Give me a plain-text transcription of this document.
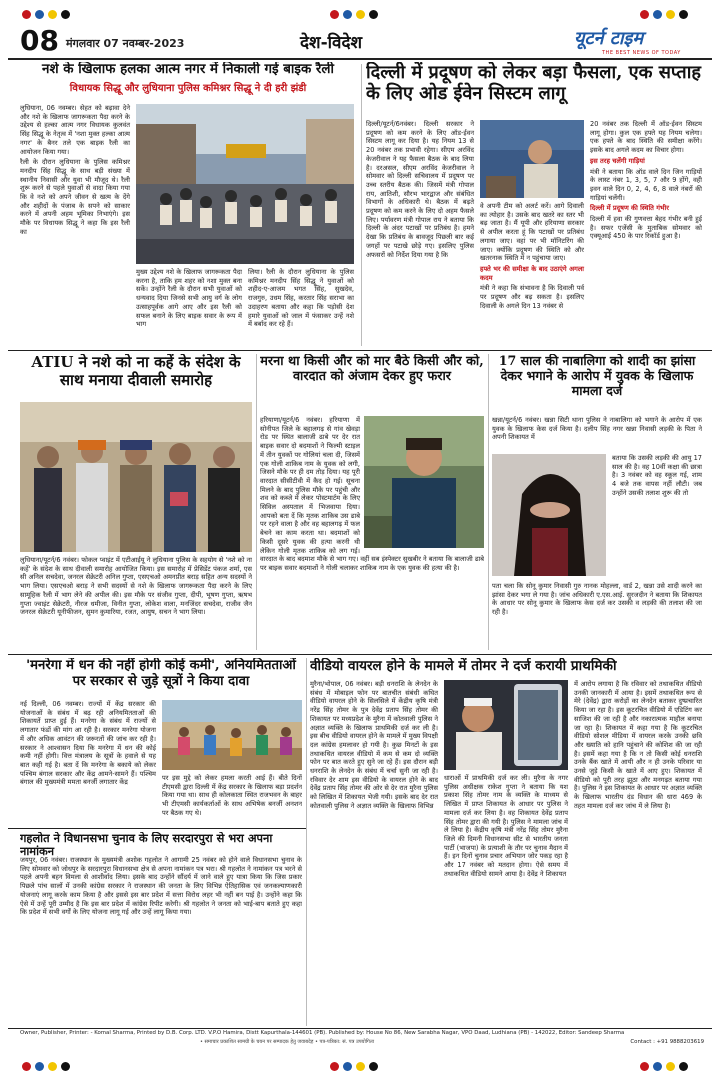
08 मंगलवार 07 नवम्बर-2023	देश-विदेश	यूटर्न टाइम
THE BEST NEWS OF TODAY
नशे के खिलाफ हलका आत्म नगर में निकाली गई बाइक रैली
विधायक सिद्धू और लुधियाना पुलिस कमिश्नर सिद्धू ने दी हरी झंडी

लुधियाना, 06 नवम्बर। सेहत को बढ़ावा देने और नशे के खिलाफ जागरूकता पैदा करने के उद्देश्य से हल्का आत्म नगर विधायक कुलवंत सिंह सिद्धू के नेतृत्व में 'नशा मुक्त हल्का आत्म नगर' के बैनर तले एक बाइक रैली का आयोजन किया गया।

रैली के दौरान लुधियाना के पुलिस कमिश्नर मनदीप सिंह सिद्धू के साथ बड़ी संख्या में स्थानीय निवासी और युवा भी मौजूद थे। रैली शुरू करने से पहले युवाओं से वादा किया गया कि वे नशे को अपने जीवन से खत्म के देंगे और शहीदों के पंजाब के सपने को साकार करने में अपनी अहम भूमिका निभाएंगे। इस मौके पर विधायक सिद्धू ने कहा कि इस रैली का

मुख्य उद्देश्य नशे के खिलाफ जागरूकता पैदा करना है, ताकि हम शहर को नशा मुक्त बना सकें। उन्होंने रैली के दौरान सभी युवाओं को धन्यवाद दिया जिनसे सभी आयु वर्ग के लोग उत्साहपूर्वक आगे आए और इस रैली को सफल बनाने के लिए बाइक सवार के रूप में भाग
लिया। रैली के दौरान लुधियाना के पुलिस कमिश्नर मनदीप सिंह सिद्धू ने युवाओं को शहीद-ए-आजम भगत सिंह, सुखदेव, राजगुरु, उधम सिंह, करतार सिंह सराभा का उदाहरण बताया और कहा कि पड़ोसी देश हमारे युवाओं को जाल में फंसाकर उन्हें नशे में बर्बाद कर रहे हैं।
दिल्ली में प्रदूषण को लेकर बड़ा फैसला, एक सप्ताह के लिए ओड ईवेन सिस्टम लागू
दिल्ली/यूटर्न/6नवंबर। दिल्ली सरकार ने प्रदूषण को कम करने के लिए ऑड-ईवन सिस्टम लागू कर दिया है। यह नियम 13 से 20 नवंबर तक प्रभावी रहेगा। सीएम अरविंद केजरीवाल ने यह फैसला बैठक के बाद लिया है। दरअसल, सीएम अरविंद केजरीवाल ने सोमवार को दिल्ली सचिवालय में प्रदूषण पर उच्च स्तरीय बैठक की। जिसमें मंत्री गोपाल राय, आतिशी, सौरभ भारद्वाज और संबंधित विभागों के अधिकारी थे। बैठक में बढ़ते प्रदूषण को कम करने के लिए दो अहम फैसले लिए। पर्यावरण मंत्री गोपाल राय ने बताया कि दिल्ली के अंदर पटाखों पर प्रतिबंध है। हमने देखा कि प्रतिबंध के बावजूद पिछली बार कई जगहों पर पटाखे छोड़े गए। इसलिए पुलिस अफसरों को निर्देश दिया गया है कि

वे अपनी टीम को अलर्ट करें। आगे दिवाली का त्योहार है। उसके बाद खतरे का स्तर भी बढ़ जाता है। मैं यूपी और हरियाणा सरकार से अपील करता हूं कि पटाखों पर प्रतिबंध लगाया जाए। वहां पर भी मॉनिटरिंग की जाए। क्योंकि प्रदूषण की स्थिति को और खतरनाक स्थिति में न पहुंचाया जाए।

हफ्ते भर की समीक्षा के बाद उठाएंगे अगला कदम

मंत्री ने कहा कि संभावना है कि दिवाली पर्व पर प्रदूषण और बढ़ सकता है। इसलिए दिवाली के अगले दिन 13 नवंबर से

20 नवंबर तक दिल्ली में ऑड-ईवन सिस्टम लागू होगा। कुल एक हफ्ते यह नियम चलेगा। एक हफ्ते के बाद स्थिति की समीक्षा करेंगे। इसके बाद अगले कदम का विचार होगा।

इस तरह चलेंगी गाड़ियां

मंत्री ने बताया कि ऑड वाले दिन जिन गाड़ियों के लास्ट नंबर 1, 3, 5, 7 और 9 होंगे, वही इवन वाले दिन 0, 2, 4, 6, 8 वाले नंबरों की गाड़ियां चलेंगी।

दिल्ली में प्रदूषण की स्थिति गंभीर

दिल्ली में हवा की गुणवत्ता बेहद गंभीर बनी हुई है। सफर एजेंसी के मुताबिक सोमवार को एक्यूआई 450 के पार रिकॉर्ड हुआ है।

ATIU ने नशे को ना कहें के संदेश के साथ मनाया दीवाली समारोह
लुधियाना/यूटर्न/6 नवंबर। फोकल प्वाइंट में एटीआईयू ने लुधियाना पुलिस के सहयोग से 'नशे को ना कहें' के संदेश के साथ दीवाली समारोह आयोजित किया। इस समारोह में प्रेसिडेंट पंकज शर्मा, एस सी अनिल सचदेवा, जनरल सेक्रेटरी अनिल गुप्ता, एसएचओ अमनप्रीत बराड़ सहित अन्य सदस्यों ने भाग लिया। एसएचओ बराड़ ने सभी सदस्यों से नशे के खिलाफ जागरूकता पैदा करने के लिए सामूहिक रैली में भाग लेने की अपील की। इस मौके पर संजीव गुप्ता, दीपी, भूषण गुप्ता, ऋषभ गुप्ता ज्वाइंट सेक्रेटरी, नीरज धमीजा, विनीत गुप्ता, लोकेश वाला, मनजिंदर सचदेवा, राजीव जैन जनरल सेक्रेटरी यूनीफीजन, सुमन कुमारिया, रजत, आयुष, सचन ने भाग लिया।
मरना था किसी और को मार बैठे किसी और को, वारदात को अंजाम देकर हुए फरार
हरियाणा/यूटर्न/6 नवंबर। हरियाणा में सोनीपत जिले के बहालगढ़ से गांव खेवड़ा रोड पर स्थित बालाजी ढाबे पर देर रात बाइक सवार दो बदमाशों ने फिल्मी स्टाइल में तीन युवकों पर गोलियां चला दी, जिसमें एक गोली शाकिब नाम के युवक को लगी, जिसने मौके पर ही दम तोड़ दिया। यह पूरी वारदात सीसीटीवी में कैद हो गई। सूचना मिलने के बाद पुलिस मौके पर पहुंची और शव को कब्जे में लेकर पोस्टमार्टम के लिए सिविल अस्पताल में भिजवाया दिया। आपको बता दें कि मृतक शाकिब उस ढाबे पर रहने वाला है और वह बहालगढ़ में फल बेचने का काम करता था। बदमाशों को किसी दूसरे युवक की हत्या करनी थी लेकिन गोली मृतक शाकिब को लग गई। वारदात के बाद बदमाश मौके से भाग गए। वहीं सब इंस्पेक्टर सुखबीर ने बताया कि बालाजी ढाबे पर बाइक सवार बदमाशों ने गोली चलाकर शाकिब नाम के एक युवक की हत्या की है।
17 साल की नाबालिगा को शादी का झांसा देकर भगाने के आरोप में युवक के खिलाफ मामला दर्ज
खन्ना/यूटर्न/6 नवंबर। खन्ना सिटी थाना पुलिस ने नाबालिगा को भगाने के आरोप में एक युवक के खिलाफ केस दर्ज किया है। दलीप सिंह नगर खन्ना निवासी लड़की के पिता ने अपनी शिकायत में
बताया कि उसकी लड़की की आयु 17 साल की है। वह 10वीं कक्षा की छात्रा है। 3 नवंबर को वह स्कूल गई, शाम 4 बजे तक वापस नहीं लौटी। जब उन्होंने उसकी तलाश शुरू की तो
पता चला कि सोनू कुमार निवासी गुरु नानक मोहल्ला, वार्ड 2, खन्ना उसे शादी करने का झांसा देकर भगा ले गया है। जांच अधिकारी ए.एस.आई. सुरजदीन ने बताया कि शिकायत के आधार पर सोनू कुमार के खिलाफ केस दर्ज कर उसकी व लड़की की तलाश की जा रही है।
'मनरेगा में धन की नहीं होगी कोई कमी', अनियमितताओं पर सरकार से जुड़े सूत्रों ने किया दावा
नई दिल्ली, 06 नवम्बर। राज्यों में केंद्र सरकार की योजनाओं के संबंध में बढ़ रही अनियमितताओं की शिकायतें प्राप्त हुई हैं। मनरेगा के संबंध में राज्यों से लगातार फंडों की मांग आ रही है। सरकार मनरेगा योजना में और अधिक आवंटन की जरूरतों की जांच कर रही है। सरकार ने आश्वासन दिया कि मनरेगा में धन की कोई कमी नहीं होगी। वित्त मंत्रालय के सूत्रों के हवाले से यह बात कही गई है। बता दें कि मनरेगा के बकाये को लेकर पश्चिम बंगाल सरकार और केंद्र आमने-सामने हैं। पश्चिम बंगाल की मुख्यमंत्री ममता बनर्जी लगातार केंद्र
पर इस मुद्दे को लेकर हमला करती आई हैं। बीते दिनों टीएमसी द्वारा दिल्ली में केंद्र सरकार के खिलाफ बड़ा प्रदर्शन किया गया था। साथ ही कोलकाता स्थित राजभवन के बाहर भी टीएमसी कार्यकर्ताओं के साथ अभिषेक बनर्जी अनशन पर बैठक गए थे।
गहलोत ने विधानसभा चुनाव के लिए सरदारपुरा से भरा अपना नामांकन
जयपुर, 06 नवंबर। राजस्थान के मुख्यमंत्री अशोक गहलोत ने आगामी 25 नवंबर को होने वाले विधानसभा चुनाव के लिए सोमवार को जोधपुर के सरदारपुरा विधानसभा क्षेत्र से अपना नामांकन पत्र भरा। श्री गहलोत ने नामांकन पत्र भरने से पहले अपनी बहन विमला से आशीर्वाद लिया। इसके बाद उन्होंने सौंदर्य में जाने वाले हुए यात्रा किया कि जिस प्रकार पिछले पांच सालों में उनकी कांग्रेस सरकार ने राजस्थान की जनता के लिए विभिन्न ऐतिहासिक एवं जनकल्याणकारी योजनाएं लागू करके काम किया है और इससे इस बार प्रदेश में सत्ता विरोध लहर भी नहीं बन पाई है। उन्होंने कहा कि ऐसे में उन्हें पूरी उम्मीद है कि इस बार प्रदेश में कांग्रेस रिपीट करेगी। श्री गहलोत ने जनता को भाई-बाप बताते हुए कहा कि प्रदेश में सभी वर्गों के लिए योजना लागू गई और उन्हें लागू किया गया।
वीडियो वायरल होने के मामले में तोमर ने दर्ज करायी प्राथमिकी
मुरैना/भोपाल, 06 नवंबर। बड़ी धनराशि के लेनदेन के संबंध में मोबाइल फोन पर बातचीत संबंधी कथित वीडियो वायरल होने के सिलसिले में केंद्रीय कृषि मंत्री नरेंद्र सिंह तोमर के पुत्र देवेंद्र प्रताप सिंह तोमर की शिकायत पर मध्यप्रदेश के मुरैना में कोतवाली पुलिस ने अज्ञात व्यक्ति के खिलाफ प्राथमिकी दर्ज कर ली है। इस बीच वीडियो वायरल होने के मामले में मुख्य विपक्षी दल कांग्रेस हमलावर हो गयी है। कुछ मिनटों के इस तथाकथित वायरल वीडियो में कम से कम दो व्यक्ति फोन पर बात करते हुए सुने जा रहे हैं। इस दौरान बड़ी धनराशि के लेनदेन के संबंध में चर्चा सुनी जा रही है। रविवार देर शाम इस वीडियो के वायरल होने के बाद देवेंद्र प्रताप सिंह तोमर की ओर से देर रात मुरैना पुलिस को लिखित में शिकायत भेजी गयी। इसके बाद देर रात कोतवाली पुलिस ने अज्ञात व्यक्ति के खिलाफ विभिन्न
धाराओं में प्राथमिकी दर्ज कर ली। मुरैना के नगर पुलिस अधीक्षक राकेश गुप्ता ने बताया कि यश प्रकाश सिंह तोमर नाम के व्यक्ति के माध्यम से लिखित में प्राप्त शिकायत के आधार पर पुलिस ने मामला दर्ज कर लिया है। वह शिकायत देवेंद्र प्रताप सिंह तोमर द्वारा की गयी है। पुलिस ने मामला जांच में ले लिया है। केंद्रीय कृषि मंत्री नरेंद्र सिंह तोमर मुरैना जिले की दिमनी विधानसभा सीट से भारतीय जनता पार्टी (भाजपा) के प्रत्याशी के तौर पर चुनाव मैदान में हैं। इन दिनों चुनाव प्रचार अभियान जोर पकड़ रहा है और 17 नवंबर को मतदान होगा। ऐसे समय में तथाकथित वीडियो सामने आया है। देवेंद्र ने शिकायत
में आरोप लगाया है कि रविवार को तथाकथित वीडियो उनकी जानकारी में आया है। इसमें तथाकथित रूप से मेरे (देवेंद्र) द्वारा करोड़ों का लेनदेन बताकर दुष्प्रचारित किया जा रहा है। इस कूटरचित वीडियो में एडिटिंग कर साजिश की जा रही है और नकारात्मक माहौल बनाया जा रहा है। शिकायत में कहा गया है कि कूटरचित वीडियो सोशल मीडिया में वायरल करके उनकी छवि और ख्याति को हानि पहुंचाने की कोशिश की जा रही है। इसमें कहा गया है कि न तो किसी कोई धनराशि उनके बैंक खाते में आयी और न ही उनके परिवार या उनसे जुड़े किसी के खाते में आए हुए। शिकायत में वीडियो को पूरी तरह झूठा और मनगढ़त बताया गया है। पुलिस ने इस शिकायत के आधार पर अज्ञात व्यक्ति के खिलाफ भारतीय दंड विधान की धारा 469 के तहत मामला दर्ज कर जांच में ले लिया है।
Owner, Publisher, Printer: - Komal Sharma, Printed by D.B. Corp. LTD. V.P.O Hamira, Distt Kapurthala-144601 (PB). Published by: House No 86, New Sarabha Nagar, VPO Daad, Ludhiana (PB) - 142022, Editor: Sandeep Sharma
• समाचार प्रकाशित सामग्री के चयन पर सम्पादक हेतु जवाबदेह • पत्र-पत्रिका: सं. पत्र उपयोगिता	Contact : +91 9888203619
